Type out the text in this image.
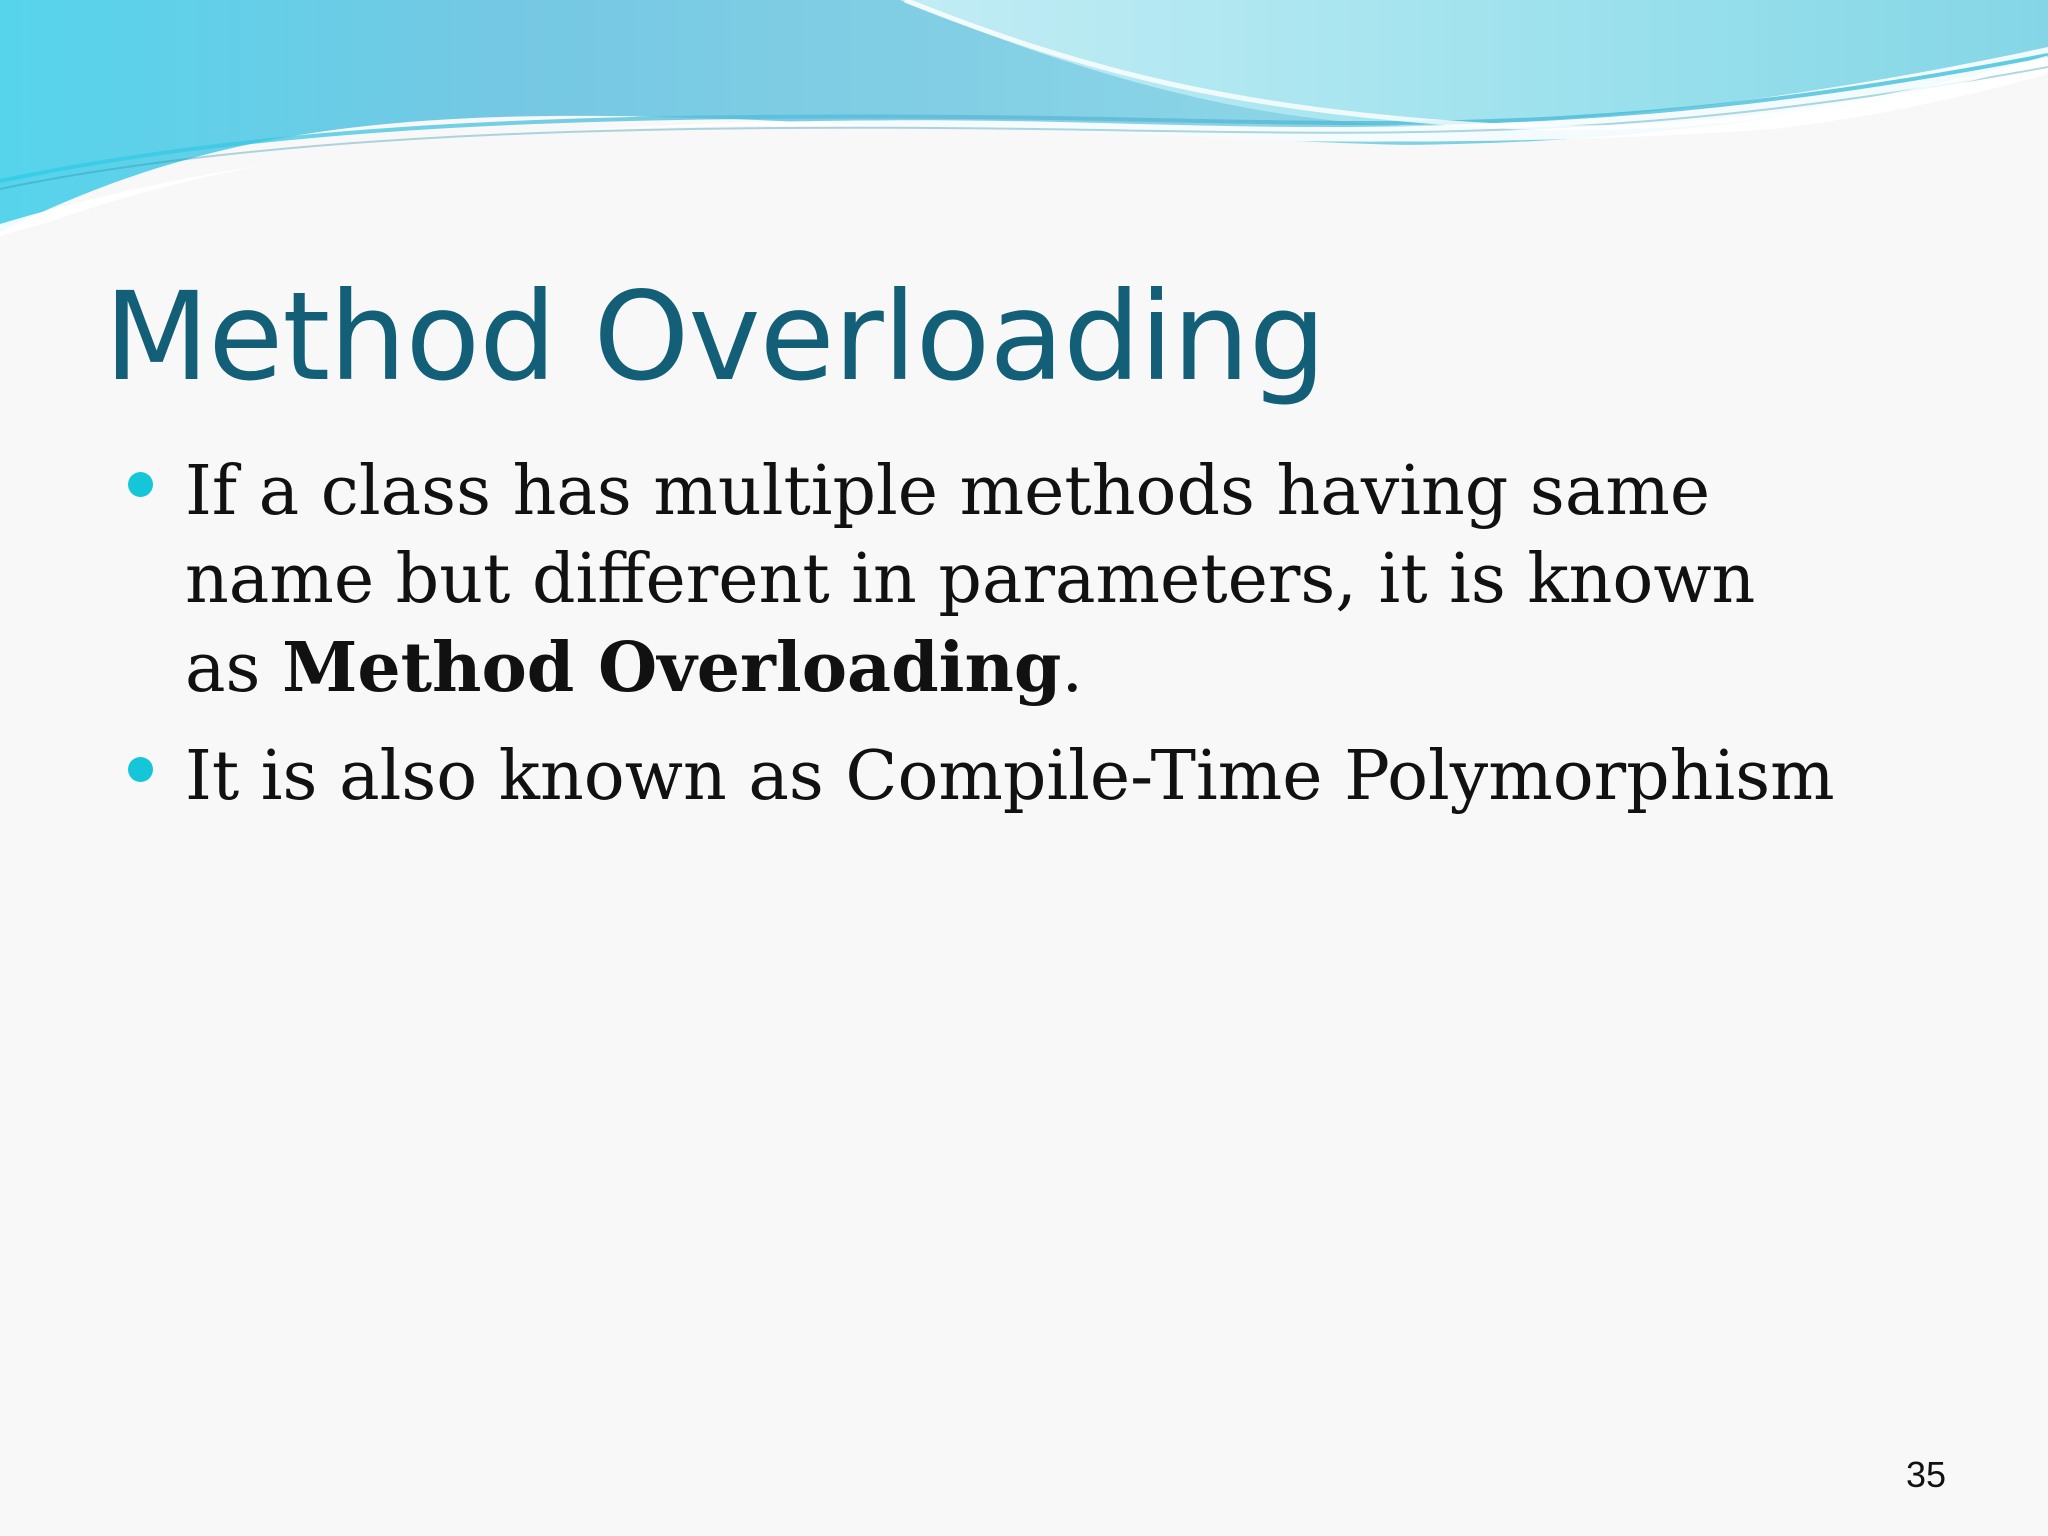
Method Overloading
If a class has multiple methods having same
name but different in parameters, it is known
as Method Overloading.
It is also known as Compile-Time Polymorphism
35
